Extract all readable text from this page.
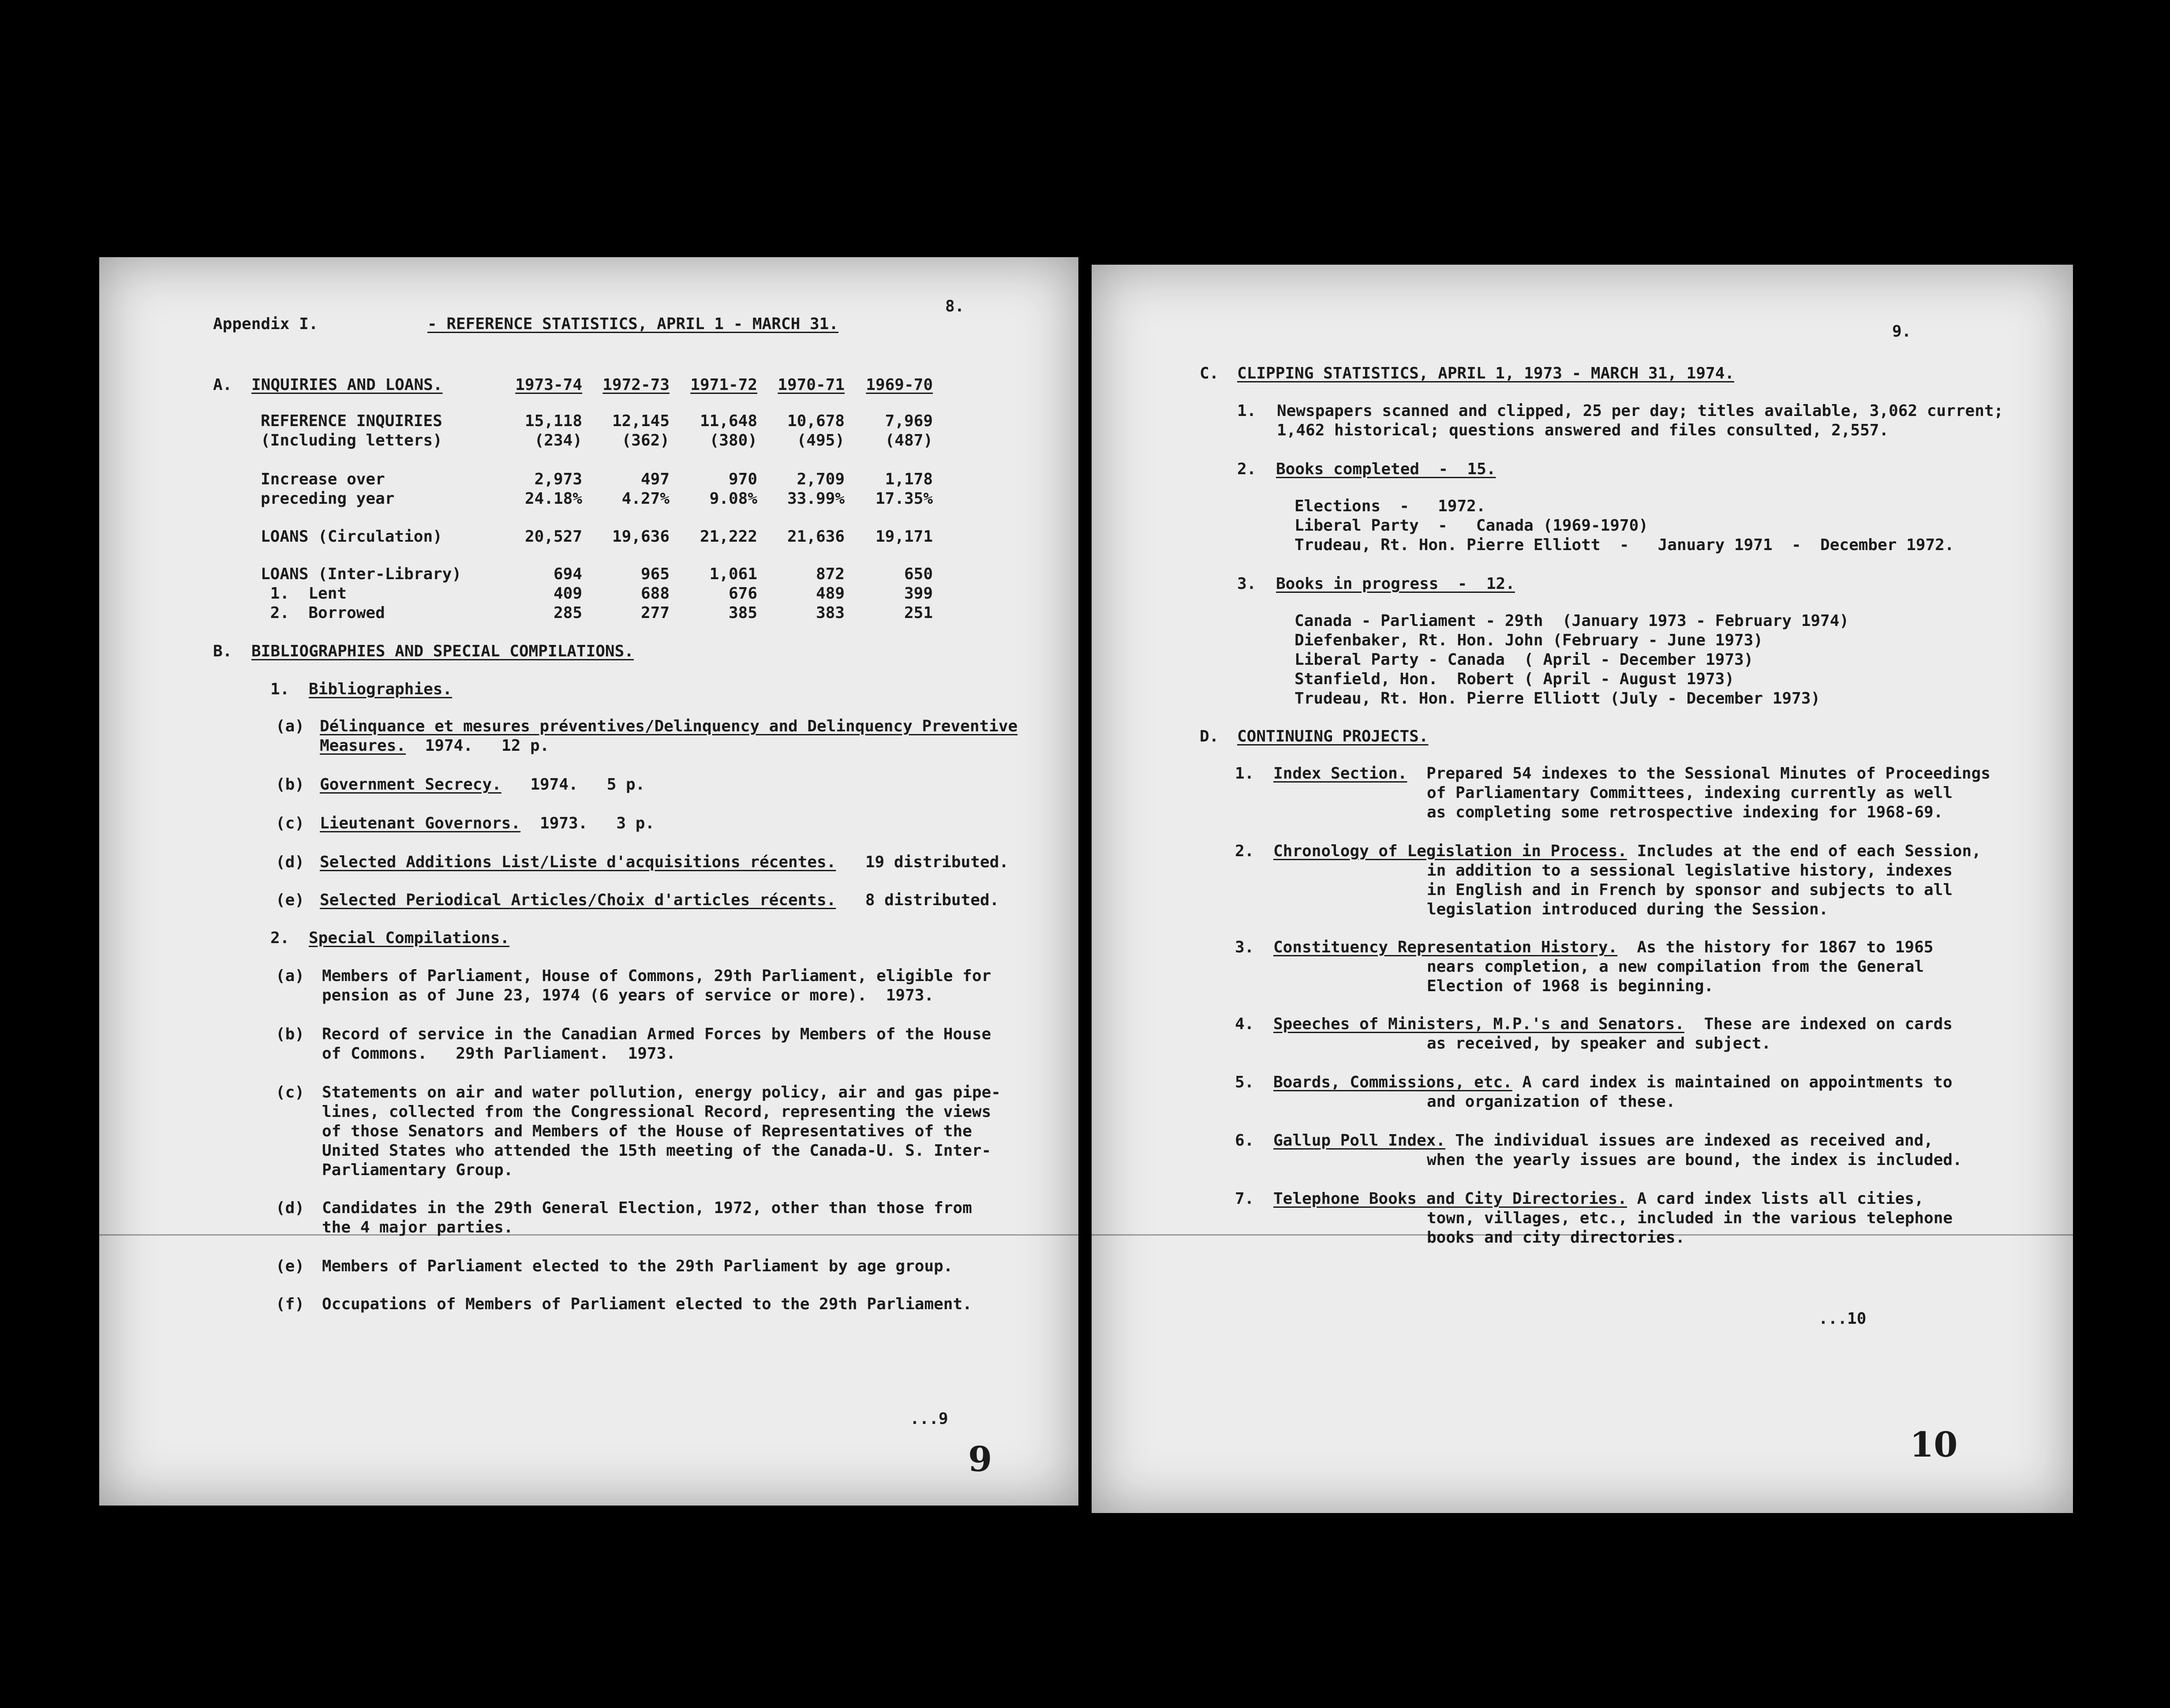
Appendix I.	- REFERENCE STATISTICS, APRIL 1 - MARCH 31.
8.
A. INQUIRIES AND LOANS.	1973-74	1972-73	1971-72	1970-71	1969-70
REFERENCE INQUIRIES	15,118	12,145	11,648	10,678	7,969
(Including letters)	(234)	(362)	(380)	(495)	(487)
Increase over	2,973	497	970	2,709	1,178
preceding year	24.18%	4.27%	9.08%	33.99%	17.35%
LOANS (Circulation)	20,527	19,636	21,222	21,636	19,171
LOANS (Inter-Library)	694	965	1,061	872	650
1.  Lent	409	688	676	489	399
2.  Borrowed	285	277	385	383	251
B. BIBLIOGRAPHIES AND SPECIAL COMPILATIONS.
1. Bibliographies.
(a) Délinquance et mesures préventives/Delinquency and Delinquency Preventive
Measures. 1974.   12 p.
(b) Government Secrecy. 1974.   5 p.
(c) Lieutenant Governors. 1973.   3 p.
(d) Selected Additions List/Liste d'acquisitions récentes. 19 distributed.
(e) Selected Periodical Articles/Choix d'articles récents. 8 distributed.
2. Special Compilations.
(a) Members of Parliament, House of Commons, 29th Parliament, eligible for
pension as of June 23, 1974 (6 years of service or more).  1973.
(b) Record of service in the Canadian Armed Forces by Members of the House
of Commons.   29th Parliament.  1973.
(c) Statements on air and water pollution, energy policy, air and gas pipe-
lines, collected from the Congressional Record, representing the views
of those Senators and Members of the House of Representatives of the
United States who attended the 15th meeting of the Canada-U. S. Inter-
Parliamentary Group.
(d) Candidates in the 29th General Election, 1972, other than those from
the 4 major parties.
(e) Members of Parliament elected to the 29th Parliament by age group.
(f) Occupations of Members of Parliament elected to the 29th Parliament.
...9
9
9.
C. CLIPPING STATISTICS, APRIL 1, 1973 - MARCH 31, 1974.
1. Newspapers scanned and clipped, 25 per day; titles available, 3,062 current;
1,462 historical; questions answered and files consulted, 2,557.
2. Books completed  -  15.
Elections  -   1972.
Liberal Party  -   Canada (1969-1970)
Trudeau, Rt. Hon. Pierre Elliott  -   January 1971  -  December 1972.
3. Books in progress  -  12.
Canada - Parliament - 29th  (January 1973 - February 1974)
Diefenbaker, Rt. Hon. John (February - June 1973)
Liberal Party - Canada  ( April - December 1973)
Stanfield, Hon.  Robert ( April - August 1973)
Trudeau, Rt. Hon. Pierre Elliott (July - December 1973)
D. CONTINUING PROJECTS.
1. Index Section. Prepared 54 indexes to the Sessional Minutes of Proceedings
of Parliamentary Committees, indexing currently as well
as completing some retrospective indexing for 1968-69.
2. Chronology of Legislation in Process. Includes at the end of each Session,
in addition to a sessional legislative history, indexes
in English and in French by sponsor and subjects to all
legislation introduced during the Session.
3. Constituency Representation History. As the history for 1867 to 1965
nears completion, a new compilation from the General
Election of 1968 is beginning.
4. Speeches of Ministers, M.P.'s and Senators. These are indexed on cards
as received, by speaker and subject.
5. Boards, Commissions, etc. A card index is maintained on appointments to
and organization of these.
6. Gallup Poll Index. The individual issues are indexed as received and,
when the yearly issues are bound, the index is included.
7. Telephone Books and City Directories. A card index lists all cities,
town, villages, etc., included in the various telephone
books and city directories.
...10
10
